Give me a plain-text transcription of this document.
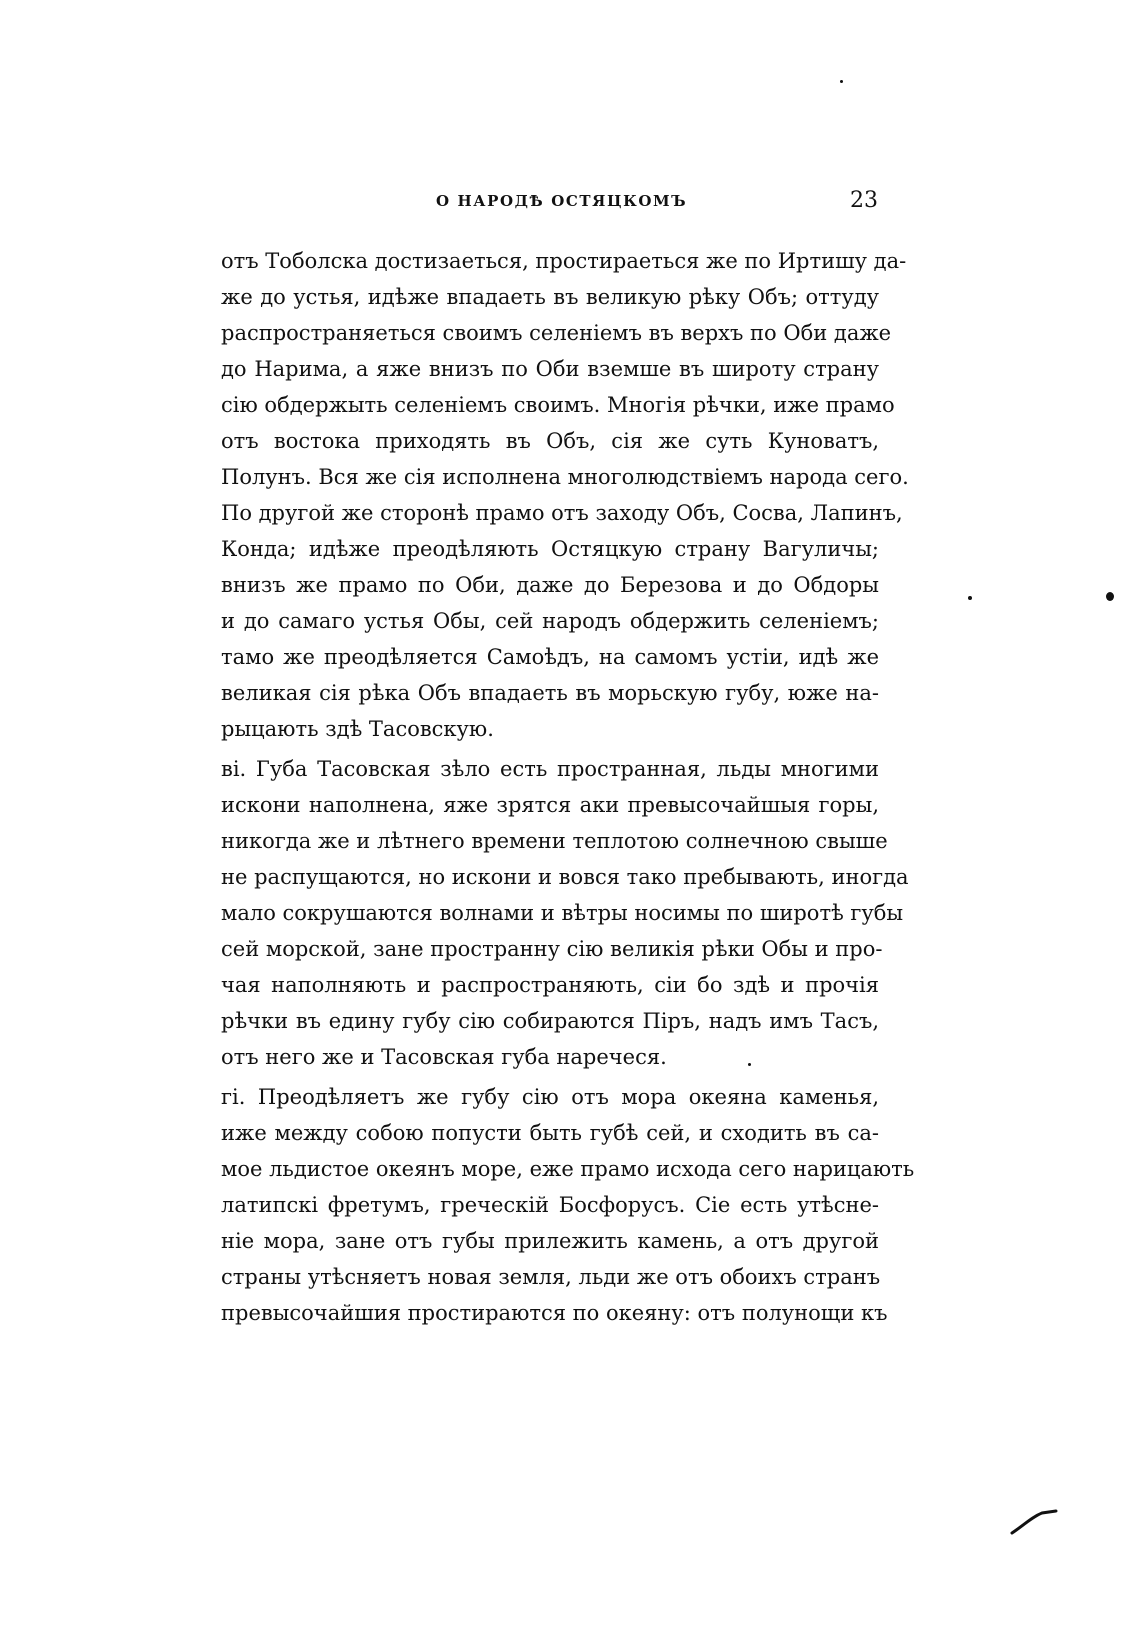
О НАРОДѢ ОСТЯЦКОМЪ	23
отъ Тоболска достизаеться, простираеться же по Иртишу да-
же до устья, идѣже впадаеть въ великую рѣку Объ; оттуду
распространяеться своимъ селенiемъ въ верхъ по Оби даже
до Нарима, а яже внизъ по Оби вземше въ широту страну
сiю обдержыть селенiемъ своимъ. Многiя рѣчки, иже прамо
отъ востока приходять въ Объ, сiя же суть Куноватъ,
Полунъ. Вся же сiя исполнена многолюдствiемъ народа сего.
По другой же сторонѣ прамо отъ заходу Объ, Сосва, Лапинъ,
Конда; идѣже преодѣляють Остяцкую страну Вагуличы;
внизъ же прамо по Оби, даже до Березова и до Обдоры
и до самаго устья Обы, сей народъ обдержить селенiемъ;
тамо же преодѣляется Самоѣдъ, на самомъ устiи, идѣ же
великая сiя рѣка Объ впадаеть въ морьскую губу, юже на-
рыцають здѣ Тасовскую.
ві. Губа Тасовская зѣло есть пространная, льды многими
искони наполнена, яже зрятся аки превысочайшыя горы,
никогда же и лѣтнего времени теплотою солнечною свыше
не распущаются, но искони и вовся тако пребывають, иногда
мало сокрушаются волнами и вѣтры носимы по широтѣ губы
сей морской, зане пространну сiю великiя рѣки Обы и про-
чая наполняють и распространяють, сiи бо здѣ и прочiя
рѣчки въ едину губу сiю собираются Пiръ, надъ имъ Тасъ,
отъ него же и Тасовская губа наречеся.
гі. Преодѣляетъ же губу сiю отъ мора океяна каменья,
иже между собою попусти быть губѣ сей, и сходить въ са-
мое льдистое океянъ море, еже прамо исхода сего нарицають
латипскi фретумъ, греческiй Босфорусъ. Сiе есть утѣсне-
нiе мора, зане отъ губы прилежить камень, а отъ другой
страны утѣсняетъ новая земля, льди же отъ обоихъ странъ
превысочайшия простираются по океяну: отъ полунощи къ
